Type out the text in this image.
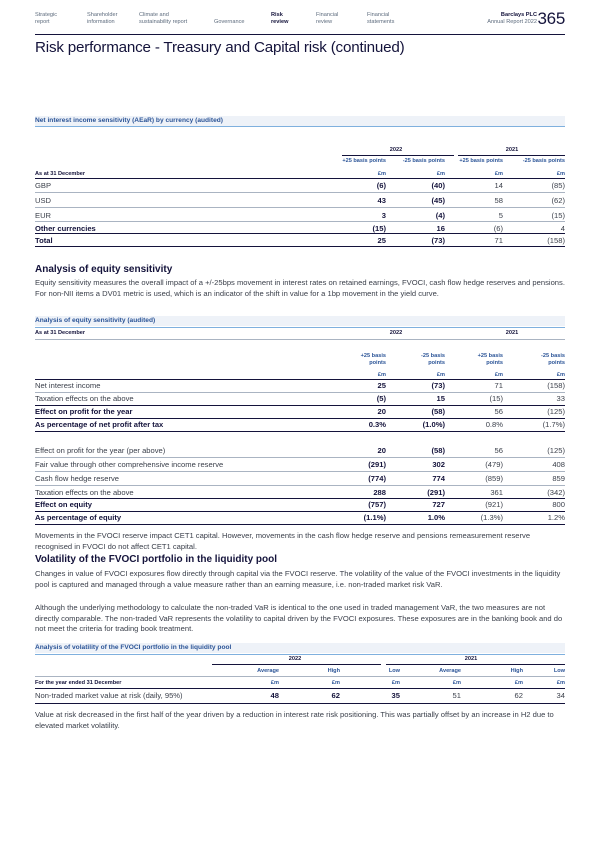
Strategic
report
Shareholder
information
Climate and
sustainability report	Governance
Risk
review
Financial
review
Financial
statements
Barclays PLC
Annual Report 2022 365
Risk performance - Treasury and Capital risk (continued)
Net interest income sensitivity (AEaR) by currency (audited)
2022	2021
+25 basis points	-25 basis points	+25 basis points	-25 basis points
As at 31 December	£m	£m	£m	£m
GBP	(6)	(40)	14	(85)
USD	43	(45)	58	(62)
EUR	3	(4)	5	(15)
Other currencies	(15)	16	(6)	4
Total	25	(73)	71	(158)
Analysis of equity sensitivity
Equity sensitivity measures the overall impact of a +/-25bps movement in interest rates on retained earnings, FVOCI, cash flow hedge reserves and pensions. For non-NII items a DV01 metric is used, which is an indicator of the shift in value for a 1bp movement in the yield curve.
Analysis of equity sensitivity (audited)
As at 31 December	2022	2021
+25 basis
points
-25 basis
points
+25 basis
points
-25 basis
points
£m	£m	£m	£m
Net interest income	25	(73)	71	(158)
Taxation effects on the above	(5)	15	(15)	33
Effect on profit for the year	20	(58)	56	(125)
As percentage of net profit after tax	0.3%	(1.0%)	0.8%	(1.7%)
Effect on profit for the year (per above)	20	(58)	56	(125)
Fair value through other comprehensive income reserve	(291)	302	(479)	408
Cash flow hedge reserve	(774)	774	(859)	859
Taxation effects on the above	288	(291)	361	(342)
Effect on equity	(757)	727	(921)	800
As percentage of equity	(1.1%)	1.0%	(1.3%)	1.2%
Movements in the FVOCI reserve impact CET1 capital. However, movements in the cash flow hedge reserve and pensions remeasurement reserve recognised in FVOCI do not affect CET1 capital.
Volatility of the FVOCI portfolio in the liquidity pool
Changes in value of FVOCI exposures flow directly through capital via the FVOCI reserve. The volatility of the value of the FVOCI investments in the liquidity pool is captured and managed through a value measure rather than an earning measure, i.e. non-traded market risk VaR.
Although the underlying methodology to calculate the non-traded VaR is identical to the one used in traded management VaR, the two measures are not directly comparable. The non-traded VaR represents the volatility to capital driven by the FVOCI exposures. These exposures are in the banking book and do not meet the criteria for trading book treatment.
Analysis of volatility of the FVOCI portfolio in the liquidity pool
2022	2021
Average	High	Low	Average	High	Low
For the year ended 31 December	£m	£m	£m	£m	£m	£m
Non-traded market value at risk (daily, 95%)	48	62	35	51	62	34
Value at risk decreased in the first half of the year driven by a reduction in interest rate risk positioning. This was partially offset by an increase in H2 due to elevated market volatility.
